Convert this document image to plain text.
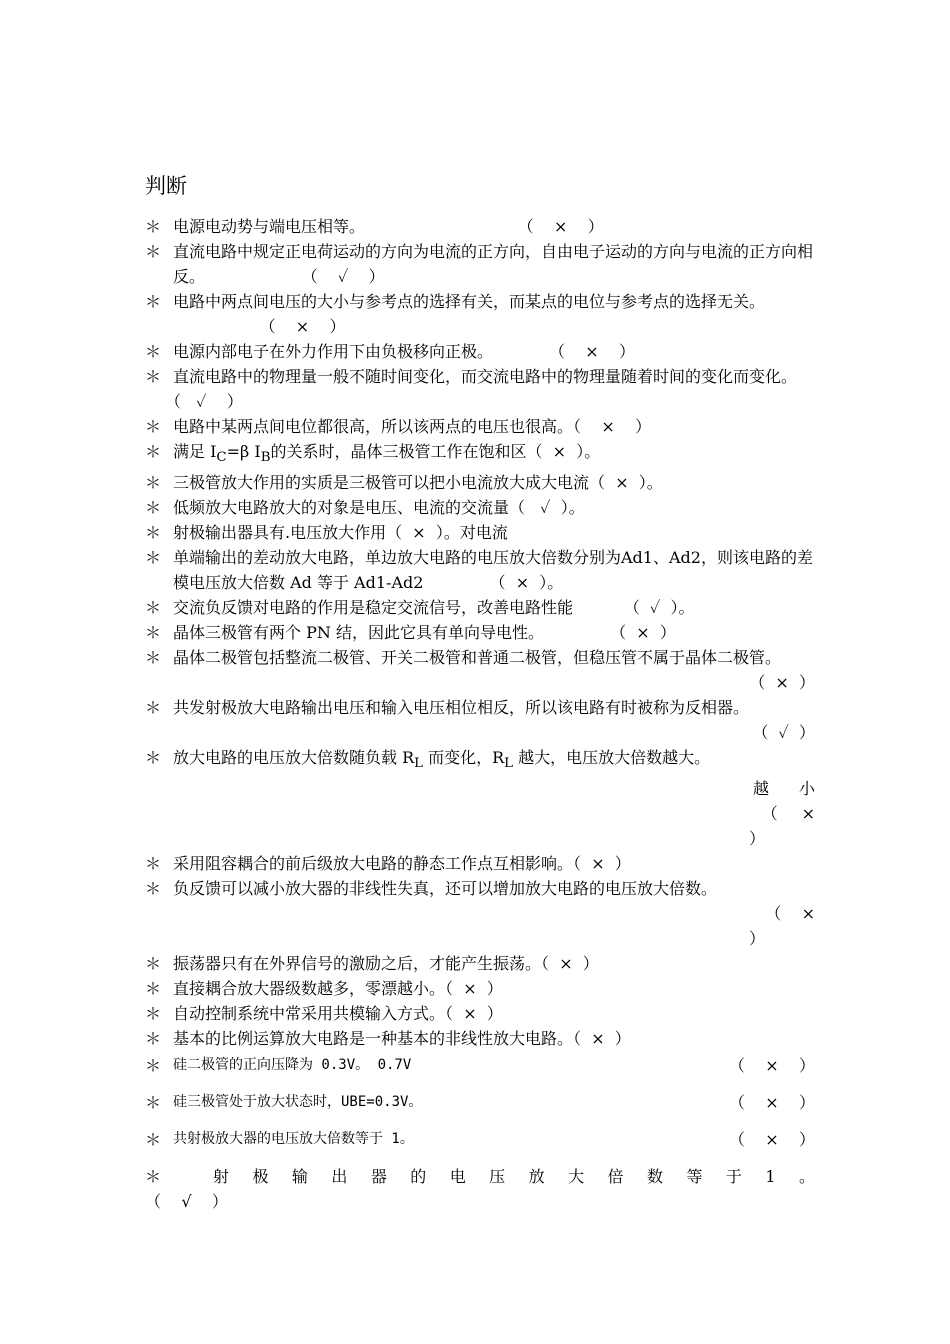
判断
＊ 电源电动势与端电压相等。                              （    ×    ）
＊ 直流电路中规定正电荷运动的方向为电流的正方向，自由电子运动的方向与电流的正方向相反。                   （    ✓    ）
＊ 电路中两点间电压的大小与参考点的选择有关，而某点的电位与参考点的选择无关。                 （    ×    ）
＊ 电源内部电子在外力作用下由负极移向正极。           （    ×    ）
＊ 直流电路中的物理量一般不随时间变化，而交流电路中的物理量随着时间的变化而变化。（   ✓    ）
＊ 电路中某两点间电位都很高，所以该两点的电压也很高。（    ×    ）
＊ 满足 $I_C=\beta$ $I_B$的关系时，晶体三极管工作在饱和区（  ×  ）。
＊ 三极管放大作用的实质是三极管可以把小电流放大成大电流（  ×  ）。
＊ 低频放大电路放大的对象是电压、电流的交流量（   ✓  ）。
＊ 射极输出器具有.电压放大作用（  ×  ）。对电流
＊ 单端输出的差动放大电路，单边放大电路的电压放大倍数分别为Ad1、Ad2，则该电路的差模电压放大倍数 Ad 等于 Ad1-Ad2             （  ×  ）。
＊ 交流负反馈对电路的作用是稳定交流信号，改善电路性能          （  ✓  ）。
＊ 晶体三极管有两个 PN 结，因此它具有单向导电性。             （  ×  ）
＊ 晶体二极管包括整流二极管、开关二极管和普通二极管，但稳压管不属于晶体二极管。
（  ×  ）
＊ 共发射极放大电路输出电压和输入电压相位相反，所以该电路有时被称为反相器。
（  ✓  ）
＊ 放大电路的电压放大倍数随负载 $R_L$ 而变化，$R_L$ 越大，电压放大倍数越大。
越 小
（ ×
）
＊ 采用阻容耦合的前后级放大电路的静态工作点互相影响。（  ×  ）
＊ 负反馈可以减小放大器的非线性失真，还可以增加放大电路的电压放大倍数。
（    ×
）
＊ 振荡器只有在外界信号的激励之后，才能产生振荡。（  ×  ）
＊ 直接耦合放大器级数越多，零漂越小。（  ×  ）
＊ 自动控制系统中常采用共模输入方式。（  ×  ）
＊ 基本的比例运算放大电路是一种基本的非线性放大电路。（  ×  ）
＊ 硅二极管的正向压降为 0.3V。 0.7V	（    ×    ）
＊ 硅三极管处于放大状态时，UBE=0.3V。	（    ×    ）
＊ 共射极放大器的电压放大倍数等于 1。	（    ×    ）
＊	射 极 输 出 器 的 电 压 放 大 倍 数 等 于 1 。
（    √    ）
